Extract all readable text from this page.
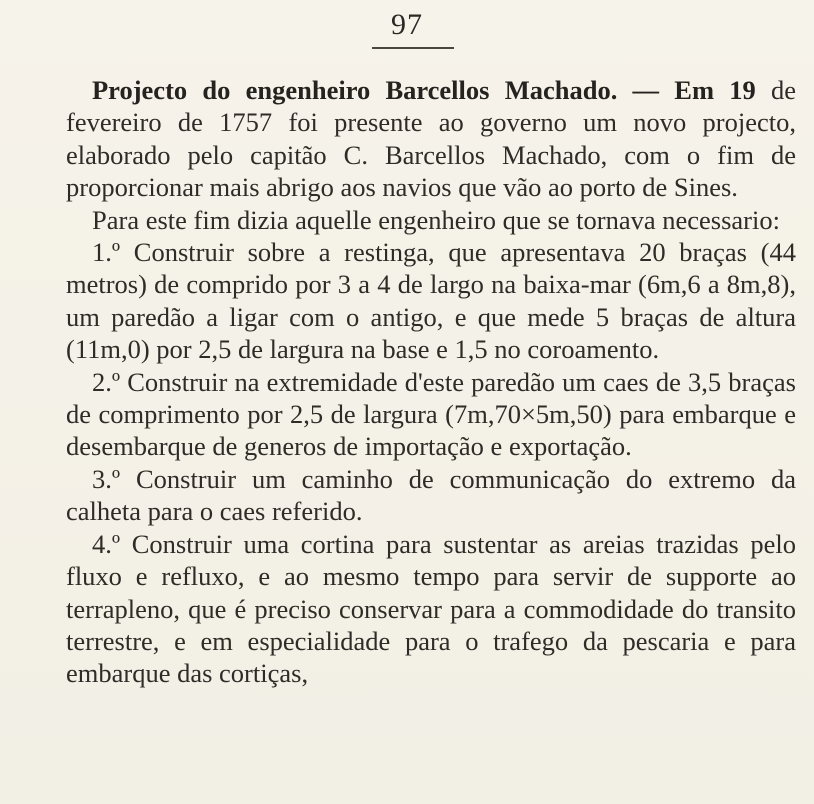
97

Projecto do engenheiro Barcellos Machado. — Em 19 de fevereiro de 1757 foi presente ao governo um novo projecto, elaborado pelo capitão C. Barcellos Machado, com o fim de proporcionar mais abrigo aos navios que vão ao porto de Sines.

Para este fim dizia aquelle engenheiro que se tornava necessario:

1.º Construir sobre a restinga, que apresentava 20 braças (44 metros) de comprido por 3 a 4 de largo na baixa-mar (6m,6 a 8m,8), um paredão a ligar com o antigo, e que mede 5 braças de altura (11m,0) por 2,5 de largura na base e 1,5 no coroamento.

2.º Construir na extremidade d'este paredão um caes de 3,5 braças de comprimento por 2,5 de largura (7m,70×5m,50) para embarque e desembarque de generos de importação e exportação.

3.º Construir um caminho de communicação do extremo da calheta para o caes referido.

4.º Construir uma cortina para sustentar as areias trazidas pelo fluxo e refluxo, e ao mesmo tempo para servir de supporte ao terrapleno, que é preciso conservar para a commodidade do transito terrestre, e em especialidade para o trafego da pescaria e para embarque das cortiças,
